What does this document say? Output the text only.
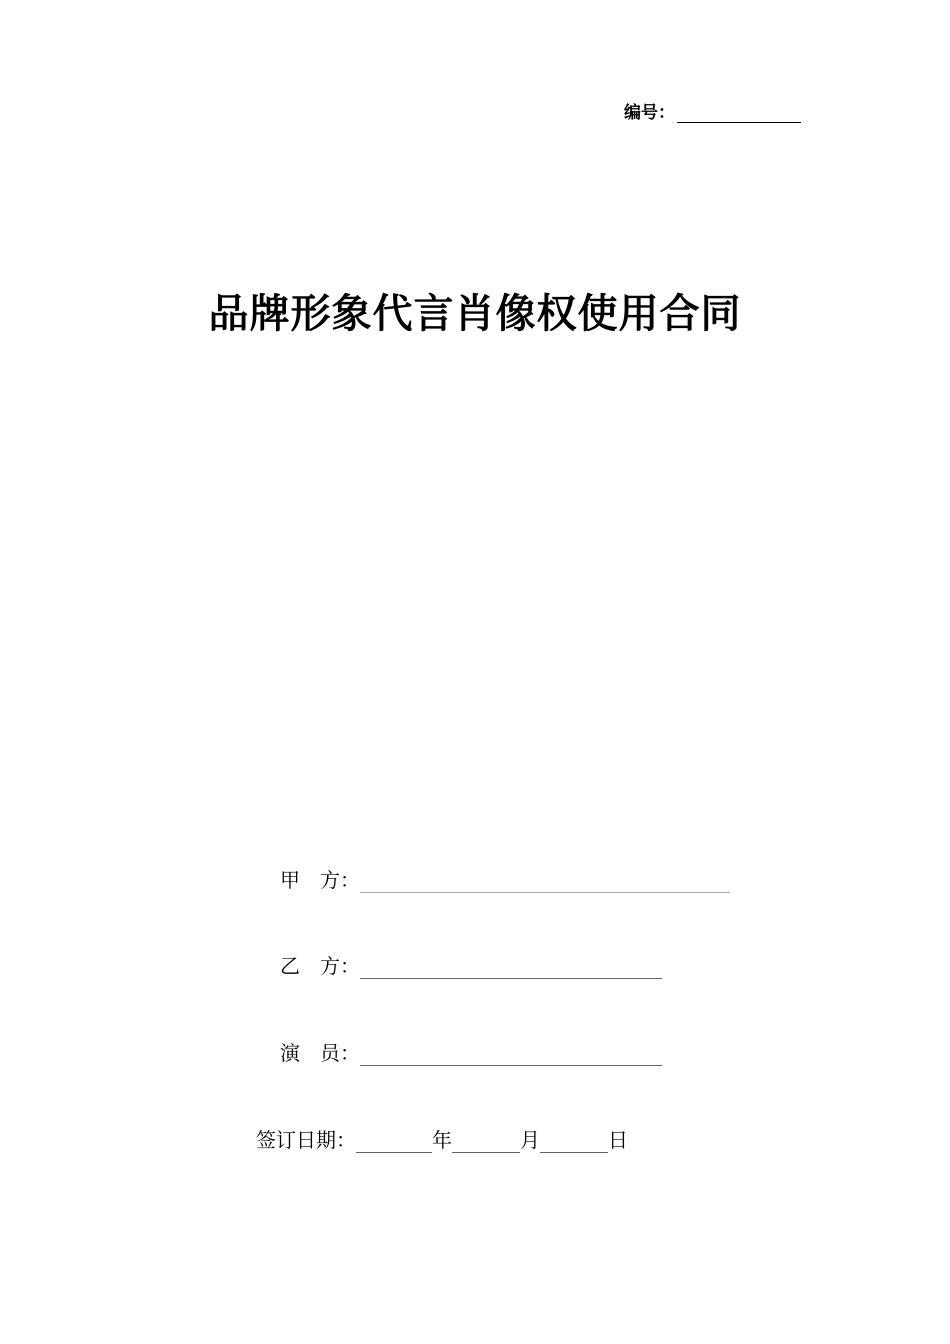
编号：
品牌形象代言肖像权使用合同
甲　方：
乙　方：
演　员：
签订日期：	年	月	日
